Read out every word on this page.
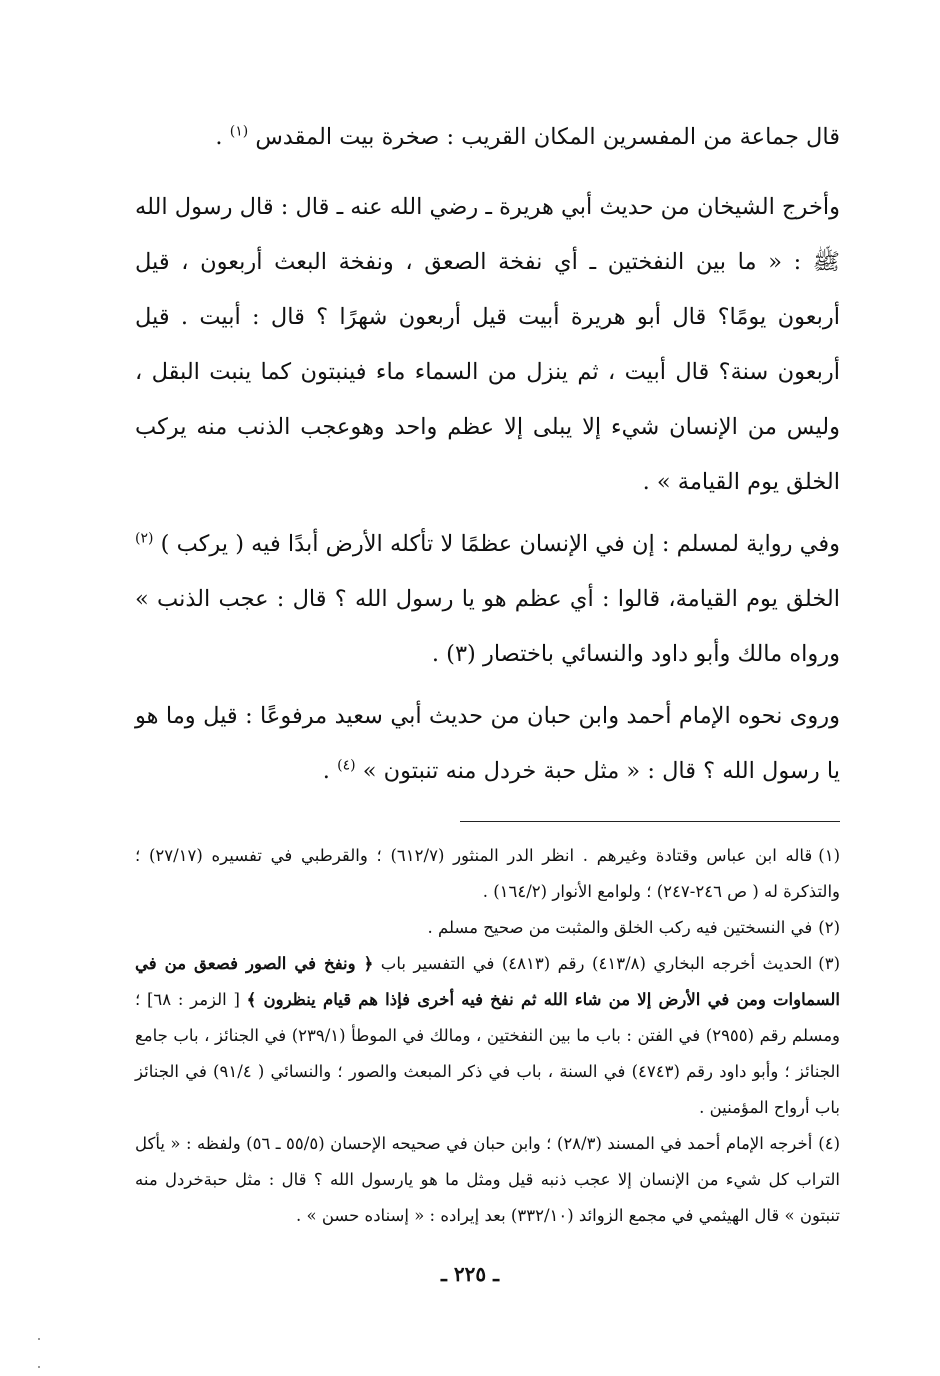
قال جماعة من المفسرين المكان القريب : صخرة بيت المقدس $^{(١)}$ .

وأخرج الشيخان من حديث أبي هريرة ـ رضي الله عنه ـ قال : قال رسول الله ﷺ : « ما بين النفختين ـ أي نفخة الصعق ، ونفخة البعث أربعون ، قيل أربعون يومًا؟ قال أبو هريرة أبيت قيل أربعون شهرًا ؟ قال : أبيت . قيل أربعون سنة؟ قال أبيت ، ثم ينزل من السماء ماء فينبتون كما ينبت البقل ، وليس من الإنسان شيء إلا يبلى إلا عظم واحد وهوعجب الذنب منه يركب الخلق يوم القيامة » .

وفي رواية لمسلم : إن في الإنسان عظمًا لا تأكله الأرض أبدًا فيه ( يركب ) $^{(٢)}$ الخلق يوم القيامة، قالوا : أي عظم هو يا رسول الله ؟ قال : عجب الذنب » ورواه مالك وأبو داود والنسائي باختصار (٣) .

وروى نحوه الإمام أحمد وابن حبان من حديث أبي سعيد مرفوعًا : قيل وما هو يا رسول الله ؟ قال : « مثل حبة خردل منه تنبتون » $^{(٤)}$ .

(١)قاله ابن عباس وقتادة وغيرهم . انظر الدر المنثور (٦١٢/٧) ؛ والقرطبي في تفسيره (٢٧/١٧) ؛ والتذكرة له ( ص ٢٤٦-٢٤٧) ؛ ولوامع الأنوار (١٦٤/٢) .

(٢)في النسختين فيه ركب الخلق والمثبت من صحيح مسلم .

(٣)الحديث أخرجه البخاري (٤١٣/٨) رقم (٤٨١٣) في التفسير باب ﴿ ونفخ في الصور فصعق من في السماوات ومن في الأرض إلا من شاء الله ثم نفخ فيه أخرى فإذا هم قيام ينظرون ﴾ [ الزمر : ٦٨] ؛ ومسلم رقم (٢٩٥٥) في الفتن : باب ما بين النفختين ، ومالك في الموطأ (٢٣٩/١) في الجنائز ، باب جامع الجنائز ؛ وأبو داود رقم (٤٧٤٣) في السنة ، باب في ذكر المبعث والصور ؛ والنسائي ( ٩١/٤) في الجنائز باب أرواح المؤمنين .

(٤)أخرجه الإمام أحمد في المسند (٢٨/٣) ؛ وابن حبان في صحيحه الإحسان (٥٥/٥ ـ ٥٦) ولفظه : « يأكل التراب كل شيء من الإنسان إلا عجب ذنبه قيل ومثل ما هو يارسول الله ؟ قال : مثل حبةخردل منه تنبتون » قال الهيثمي في مجمع الزوائد (٣٣٢/١٠) بعد إيراده : « إسناده حسن » .

ـ ٢٢٥ ـ
